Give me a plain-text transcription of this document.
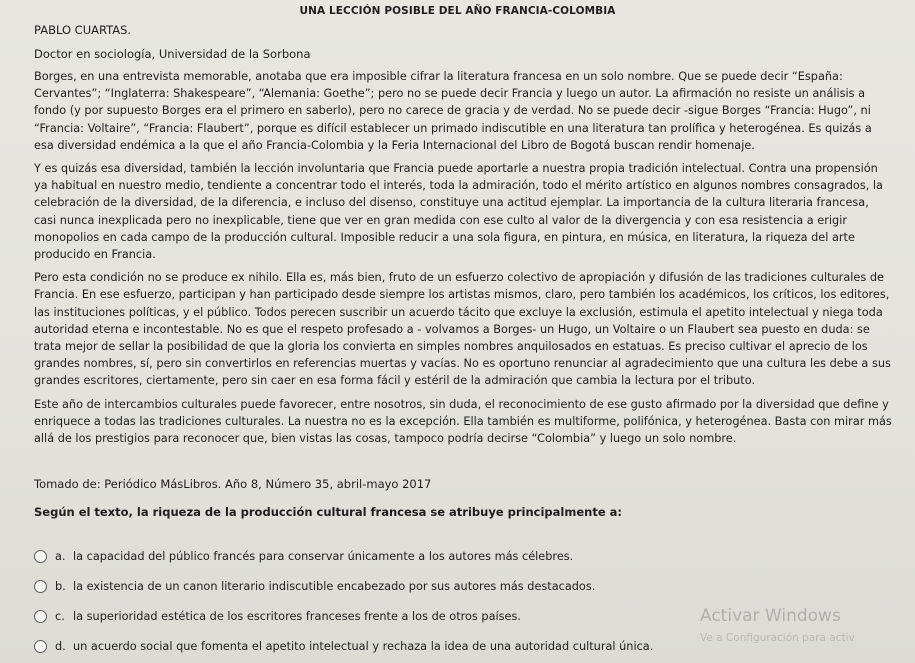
UNA LECCIÓN POSIBLE DEL AÑO FRANCIA-COLOMBIA
PABLO CUARTAS.
Doctor en sociología, Universidad de la Sorbona

Borges, en una entrevista memorable, anotaba que era imposible cifrar la literatura francesa en un solo nombre. Que se puede decir “España: Cervantes”; “Inglaterra: Shakespeare”, “Alemania: Goethe”; pero no se puede decir Francia y luego un autor. La afirmación no resiste un análisis a fondo (y por supuesto Borges era el primero en saberlo), pero no carece de gracia y de verdad. No se puede decir -sigue Borges “Francia: Hugo”, ni “Francia: Voltaire”, “Francia: Flaubert”, porque es difícil establecer un primado indiscutible en una literatura tan prolífica y heterogénea. Es quizás a esa diversidad endémica a la que el año Francia-Colombia y la Feria Internacional del Libro de Bogotá buscan rendir homenaje.

Y es quizás esa diversidad, también la lección involuntaria que Francia puede aportarle a nuestra propia tradición intelectual. Contra una propensión ya habitual en nuestro medio, tendiente a concentrar todo el interés, toda la admiración, todo el mérito artístico en algunos nombres consagrados, la celebración de la diversidad, de la diferencia, e incluso del disenso, constituye una actitud ejemplar. La importancia de la cultura literaria francesa, casi nunca inexplicada pero no inexplicable, tiene que ver en gran medida con ese culto al valor de la divergencia y con esa resistencia a erigir monopolios en cada campo de la producción cultural. Imposible reducir a una sola figura, en pintura, en música, en literatura, la riqueza del arte producido en Francia.

Pero esta condición no se produce ex nihilo. Ella es, más bien, fruto de un esfuerzo colectivo de apropiación y difusión de las tradiciones culturales de Francia. En ese esfuerzo, participan y han participado desde siempre los artistas mismos, claro, pero también los académicos, los críticos, los editores, las instituciones políticas, y el público. Todos perecen suscribir un acuerdo tácito que excluye la exclusión, estimula el apetito intelectual y niega toda autoridad eterna e incontestable. No es que el respeto profesado a - volvamos a Borges- un Hugo, un Voltaire o un Flaubert sea puesto en duda: se trata mejor de sellar la posibilidad de que la gloria los convierta en simples nombres anquilosados en estatuas. Es preciso cultivar el aprecio de los grandes nombres, sí, pero sin convertirlos en referencias muertas y vacías. No es oportuno renunciar al agradecimiento que una cultura les debe a sus grandes escritores, ciertamente, pero sin caer en esa forma fácil y estéril de la admiración que cambia la lectura por el tributo.

Este año de intercambios culturales puede favorecer, entre nosotros, sin duda, el reconocimiento de ese gusto afirmado por la diversidad que define y enriquece a todas las tradiciones culturales. La nuestra no es la excepción. Ella también es multiforme, polifónica, y heterogénea. Basta con mirar más allá de los prestigios para reconocer que, bien vistas las cosas, tampoco podría decirse “Colombia” y luego un solo nombre.

Tomado de: Periódico MásLibros. Año 8, Número 35, abril-mayo 2017
Según el texto, la riqueza de la producción cultural francesa se atribuye principalmente a:
a. la capacidad del público francés para conservar únicamente a los autores más célebres.
b. la existencia de un canon literario indiscutible encabezado por sus autores más destacados.
c. la superioridad estética de los escritores franceses frente a los de otros países.
d. un acuerdo social que fomenta el apetito intelectual y rechaza la idea de una autoridad cultural única.
Activar Windows
Ve a Configuración para activ
